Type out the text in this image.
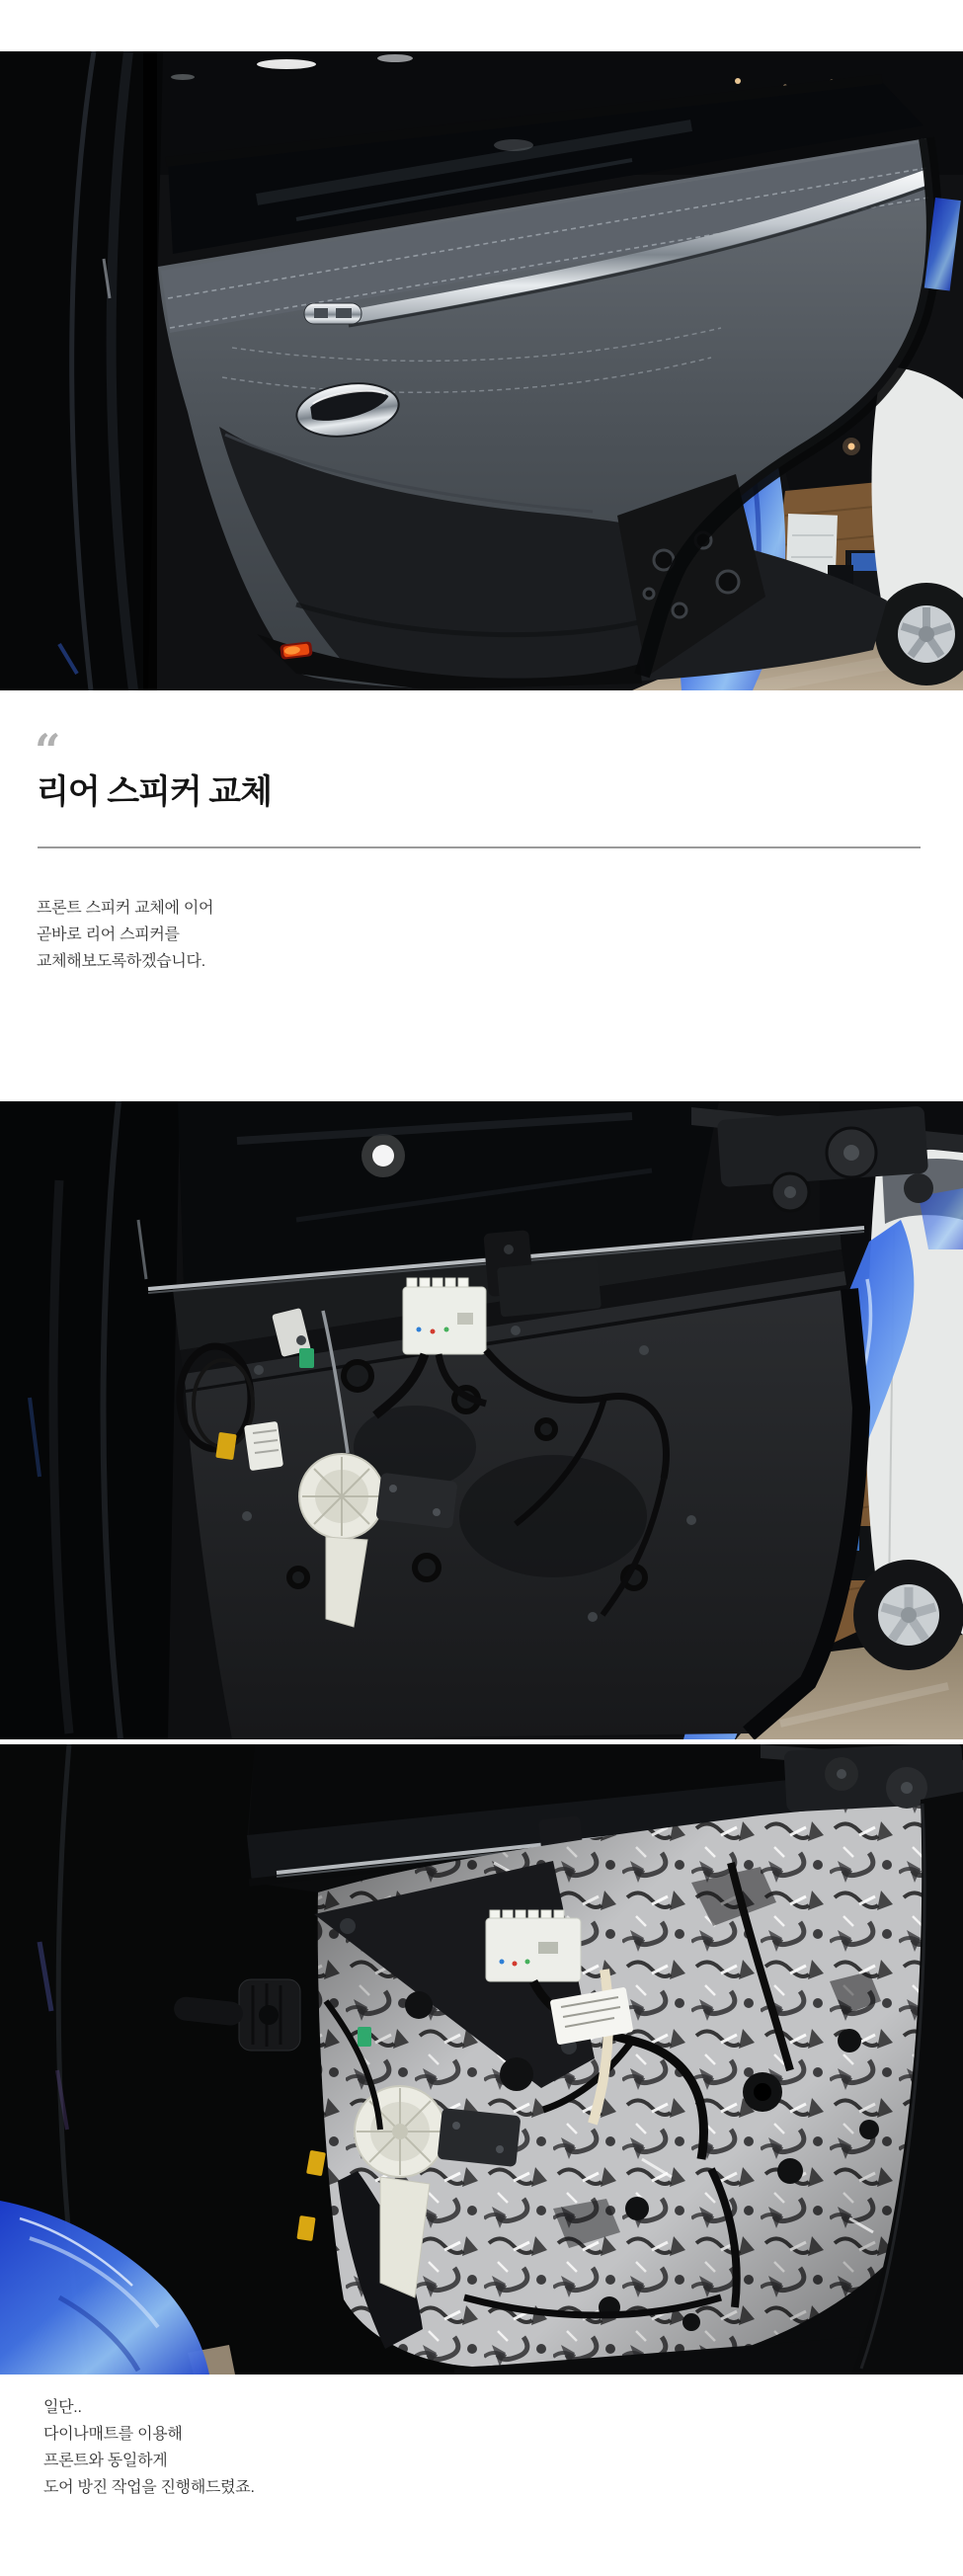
“
리어 스피커 교체

프론트 스피커 교체에 이어
곧바로 리어 스피커를
교체해보도록하겠습니다.

일단..
다이나매트를 이용해
프론트와 동일하게
도어 방진 작업을 진행해드렸죠.
